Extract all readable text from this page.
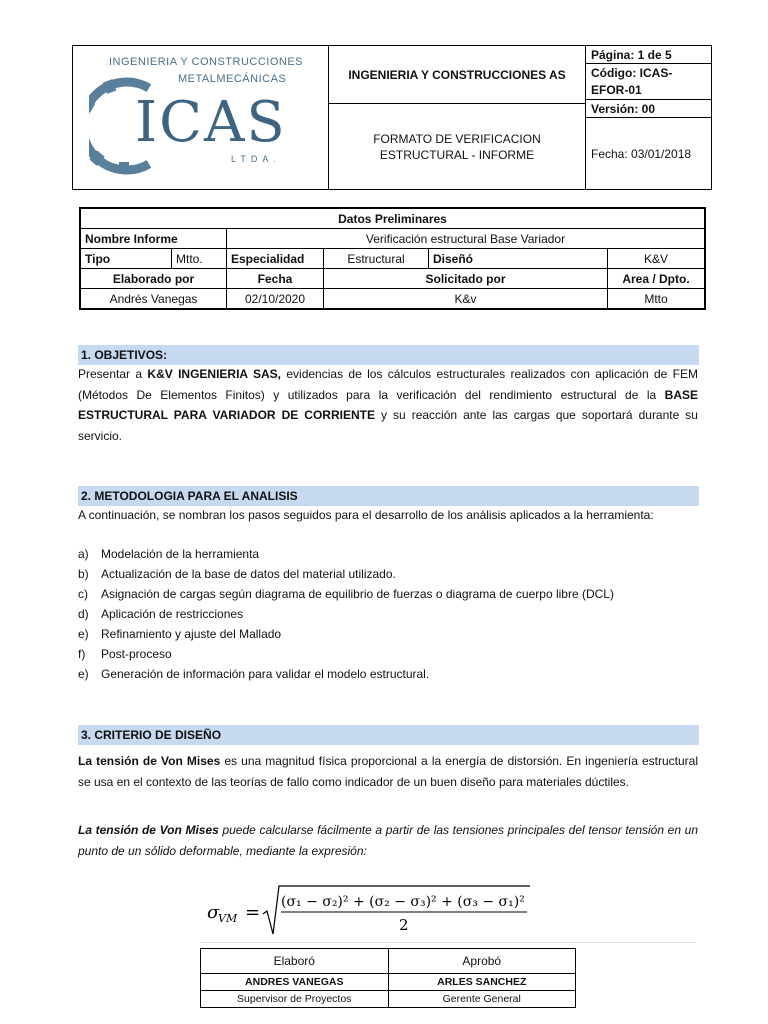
INGENIERIA Y CONSTRUCCIONES
METALMECÁNICAS
ICAS
LTDA.
INGENIERIA Y CONSTRUCCIONES AS
FORMATO DE VERIFICACION
ESTRUCTURAL - INFORME
Página: 1 de 5
Código: ICAS-
EFOR-01
Versión: 00
Fecha: 03/01/2018
Datos Preliminares					
Nombre Informe		Verificación estructural Base Variador			
Tipo	Mtto.	Especialidad	Estructural	Diseñó	K&V
Elaborado por		Fecha	Solicitado por		Area / Dpto.
Andrés Vanegas		02/10/2020	K&v		Mtto
1. OBJETIVOS:
Presentar a K&V INGENIERIA SAS, evidencias de los cálculos estructurales realizados con aplicación de FEM (Métodos De Elementos Finitos) y utilizados para la verificación del rendimiento estructural de la BASE ESTRUCTURAL PARA VARIADOR DE CORRIENTE y su reacción ante las cargas que soportará durante su servicio.
2. METODOLOGIA PARA EL ANALISIS
A continuación, se nombran los pasos seguidos para el desarrollo de los análisis aplicados a la herramienta:
a) Modelación de la herramienta
b) Actualización de la base de datos del material utilizado.
c) Asignación de cargas según diagrama de equilibrio de fuerzas o diagrama de cuerpo libre (DCL)
d) Aplicación de restricciones
e) Refinamiento y ajuste del Mallado
f) Post-proceso
e) Generación de información para validar el modelo estructural.
3. CRITERIO DE DISEÑO
La tensión de Von Mises es una magnitud física proporcional a la energía de distorsión. En ingeniería estructural se usa en el contexto de las teorías de fallo como indicador de un buen diseño para materiales dúctiles.
La tensión de Von Mises puede calcularse fácilmente a partir de las tensiones principales del tensor tensión en un punto de un sólido deformable, mediante la expresión:
σ
VM = (σ₁ − σ₂)² + (σ₂ − σ₃)² + (σ₃ − σ₁)²
2
Elaboró	Aprobó
ANDRES VANEGAS	ARLES SANCHEZ
Supervisor de Proyectos	Gerente General
